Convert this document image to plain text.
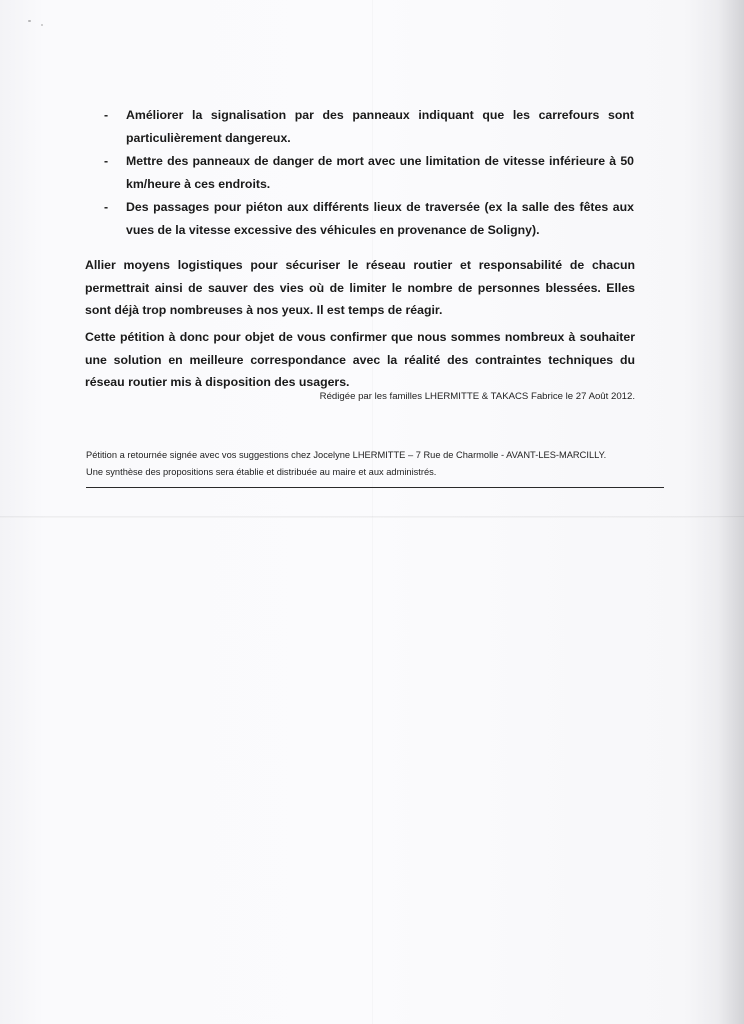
- Améliorer la signalisation par des panneaux indiquant que les carrefours sont particulièrement dangereux.
- Mettre des panneaux de danger de mort avec une limitation de vitesse inférieure à 50 km/heure à ces endroits.
- Des passages pour piéton aux différents lieux de traversée (ex la salle des fêtes aux vues de la vitesse excessive des véhicules en provenance de Soligny).

Allier moyens logistiques pour sécuriser le réseau routier et responsabilité de chacun permettrait ainsi de sauver des vies où de limiter le nombre de personnes blessées. Elles sont déjà trop nombreuses à nos yeux. Il est temps de réagir.

Cette pétition à donc pour objet de vous confirmer que nous sommes nombreux à souhaiter une solution en meilleure correspondance avec la réalité des contraintes techniques du réseau routier mis à disposition des usagers.

Rédigée par les familles LHERMITTE & TAKACS Fabrice le 27 Août 2012.

Pétition a retournée signée avec vos suggestions chez Jocelyne LHERMITTE – 7 Rue de Charmolle - AVANT-LES-MARCILLY.

Une synthèse des propositions sera établie et distribuée au maire et aux administrés.
